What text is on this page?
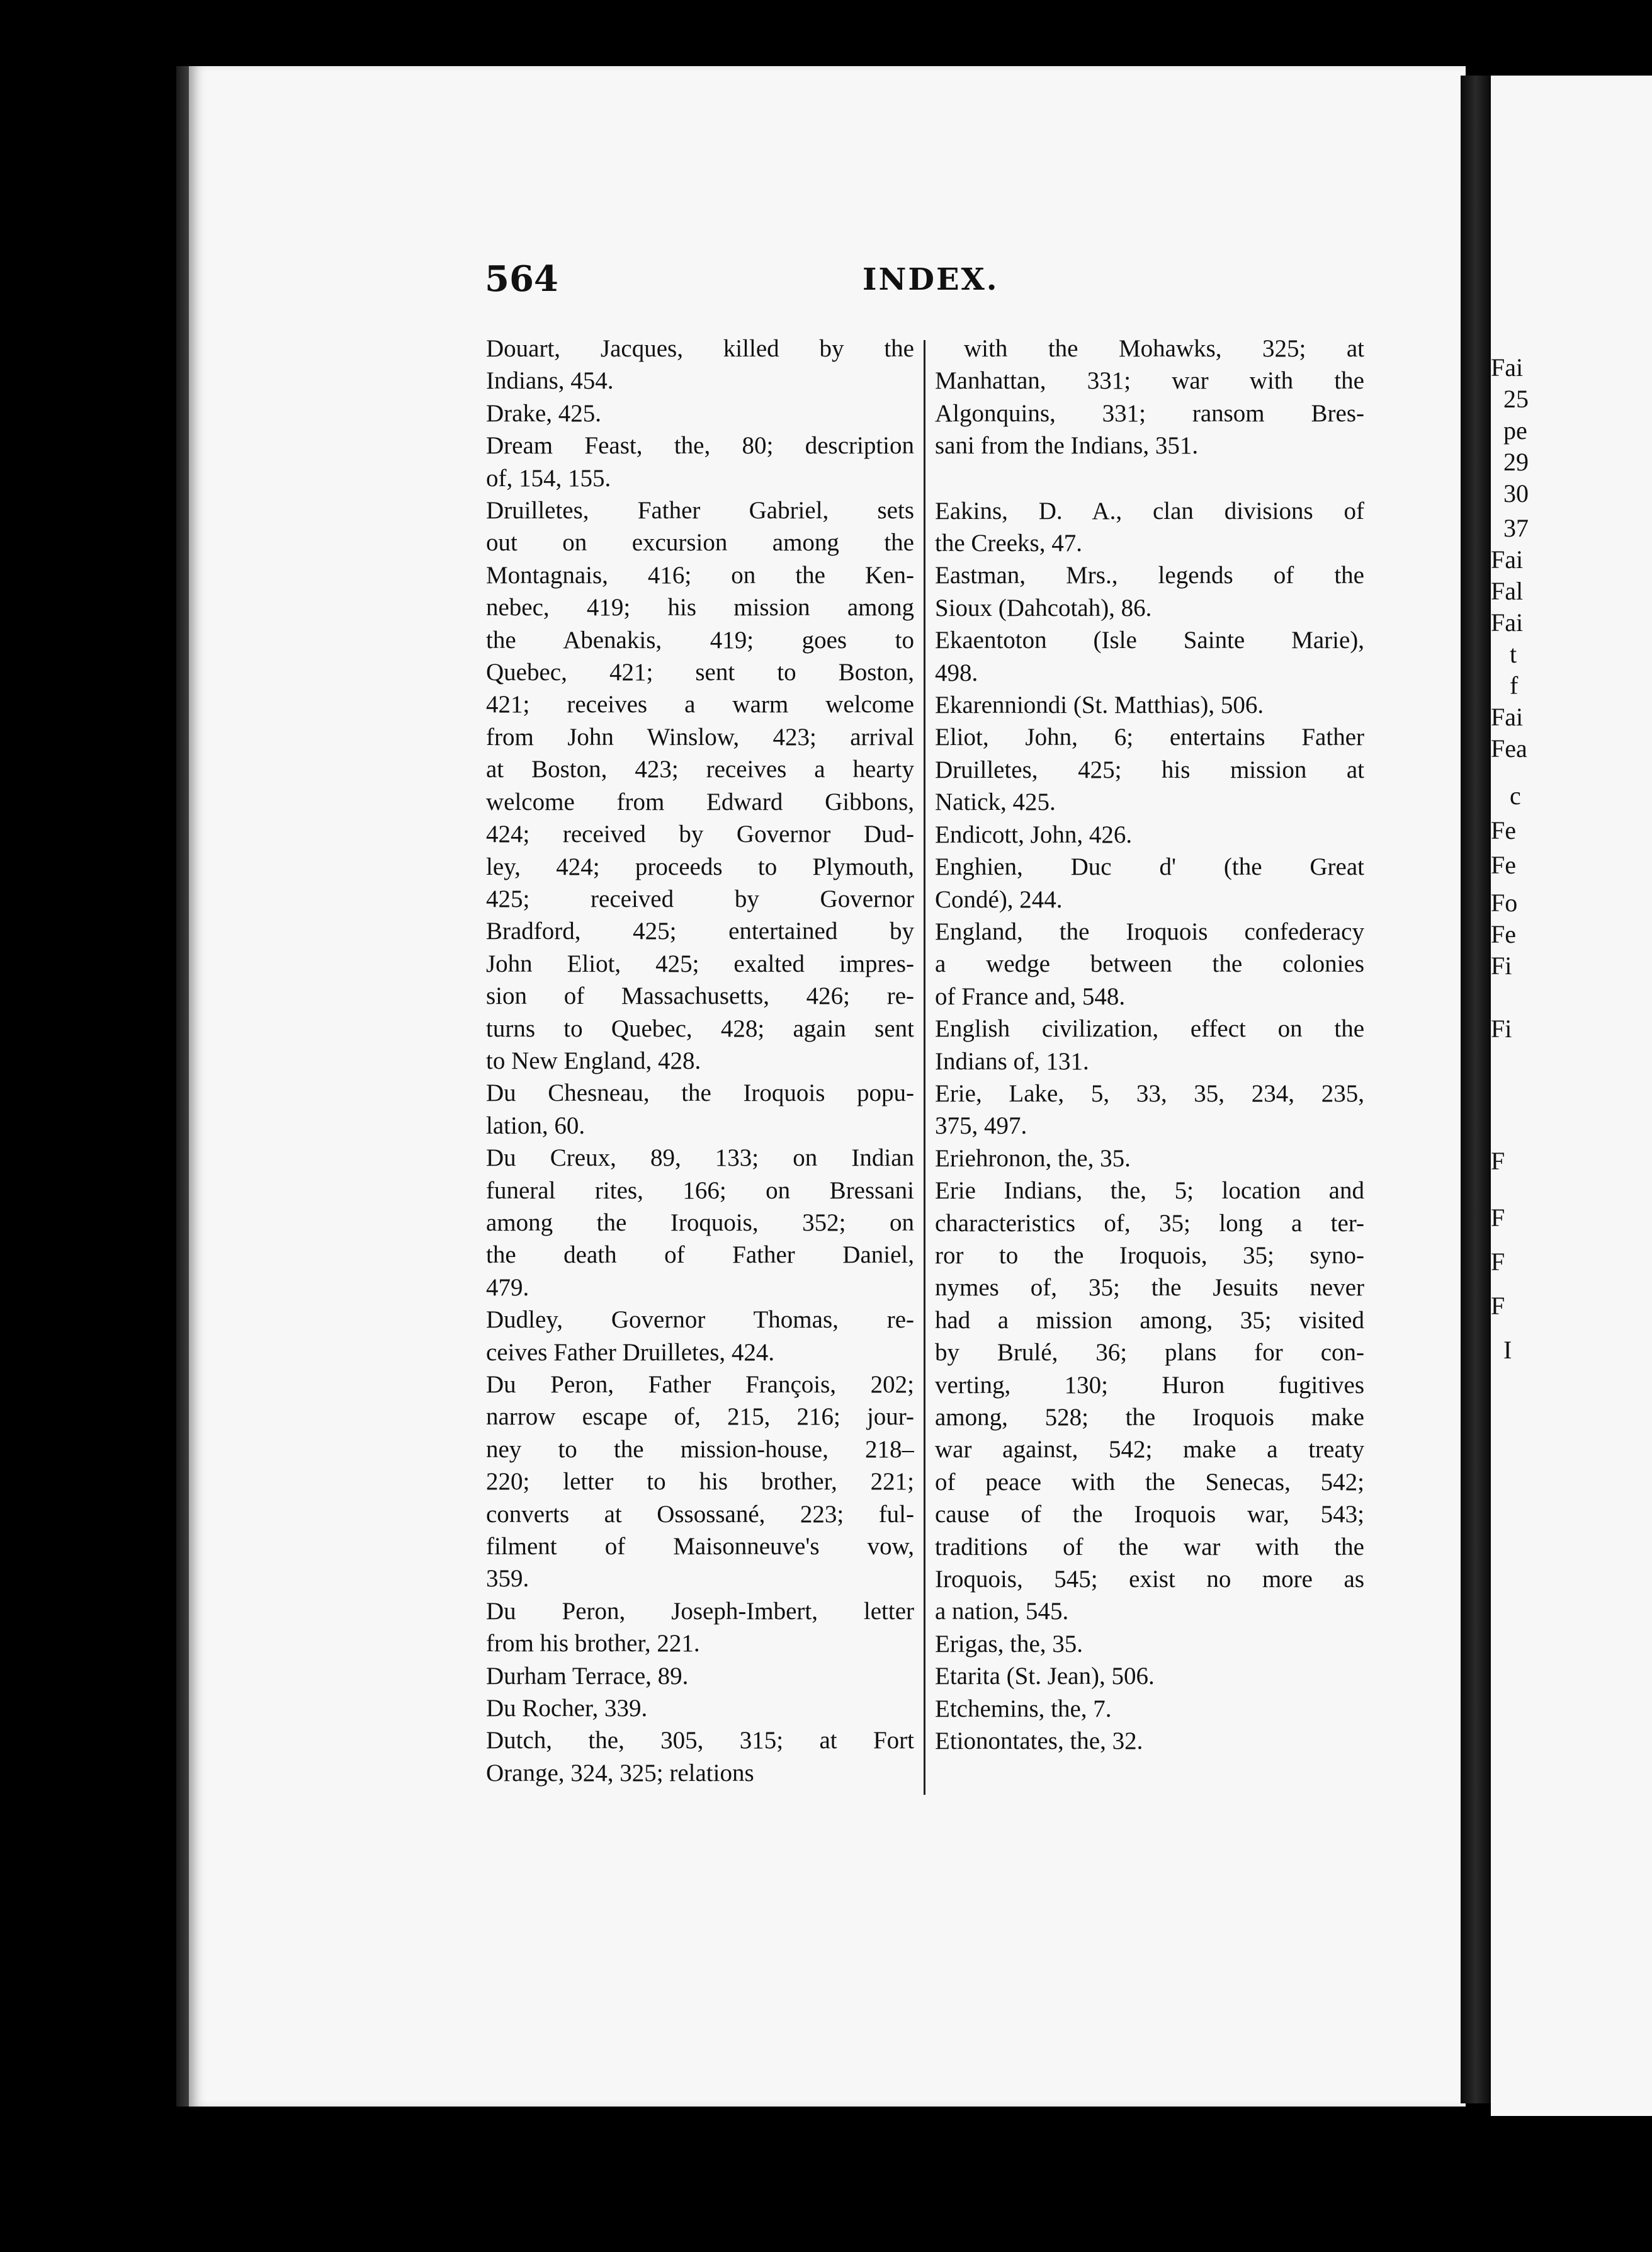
Fai
25
pe
29
30
37
Fai
Fal
Fai
t
f
Fai
Fea
c
Fe
Fe
Fo
Fe
Fi
Fi
F
F
F
F
I
564	INDEX.
Douart, Jacques, killed by the
Indians, 454.
Drake, 425.
Dream Feast, the, 80; description
of, 154, 155.
Druilletes, Father Gabriel, sets
out on excursion among the
Montagnais, 416; on the Ken-
nebec, 419; his mission among
the Abenakis, 419; goes to
Quebec, 421; sent to Boston,
421; receives a warm welcome
from John Winslow, 423; arrival
at Boston, 423; receives a hearty
welcome from Edward Gibbons,
424; received by Governor Dud-
ley, 424; proceeds to Plymouth,
425; received by Governor
Bradford, 425; entertained by
John Eliot, 425; exalted impres-
sion of Massachusetts, 426; re-
turns to Quebec, 428; again sent
to New England, 428.
Du Chesneau, the Iroquois popu-
lation, 60.
Du Creux, 89, 133; on Indian
funeral rites, 166; on Bressani
among the Iroquois, 352; on
the death of Father Daniel,
479.
Dudley, Governor Thomas, re-
ceives Father Druilletes, 424.
Du Peron, Father François, 202;
narrow escape of, 215, 216; jour-
ney to the mission-house, 218–
220; letter to his brother, 221;
converts at Ossossané, 223; ful-
filment of Maisonneuve's vow,
359.
Du Peron, Joseph-Imbert, letter
from his brother, 221.
Durham Terrace, 89.
Du Rocher, 339.
Dutch, the, 305, 315; at Fort
Orange, 324, 325; relations
with the Mohawks, 325; at
Manhattan, 331; war with the
Algonquins, 331; ransom Bres-
sani from the Indians, 351.
Eakins, D. A., clan divisions of
the Creeks, 47.
Eastman, Mrs., legends of the
Sioux (Dahcotah), 86.
Ekaentoton (Isle Sainte Marie),
498.
Ekarenniondi (St. Matthias), 506.
Eliot, John, 6; entertains Father
Druilletes, 425; his mission at
Natick, 425.
Endicott, John, 426.
Enghien, Duc d' (the Great
Condé), 244.
England, the Iroquois confederacy
a wedge between the colonies
of France and, 548.
English civilization, effect on the
Indians of, 131.
Erie, Lake, 5, 33, 35, 234, 235,
375, 497.
Eriehronon, the, 35.
Erie Indians, the, 5; location and
characteristics of, 35; long a ter-
ror to the Iroquois, 35; syno-
nymes of, 35; the Jesuits never
had a mission among, 35; visited
by Brulé, 36; plans for con-
verting, 130; Huron fugitives
among, 528; the Iroquois make
war against, 542; make a treaty
of peace with the Senecas, 542;
cause of the Iroquois war, 543;
traditions of the war with the
Iroquois, 545; exist no more as
a nation, 545.
Erigas, the, 35.
Etarita (St. Jean), 506.
Etchemins, the, 7.
Etionontates, the, 32.
